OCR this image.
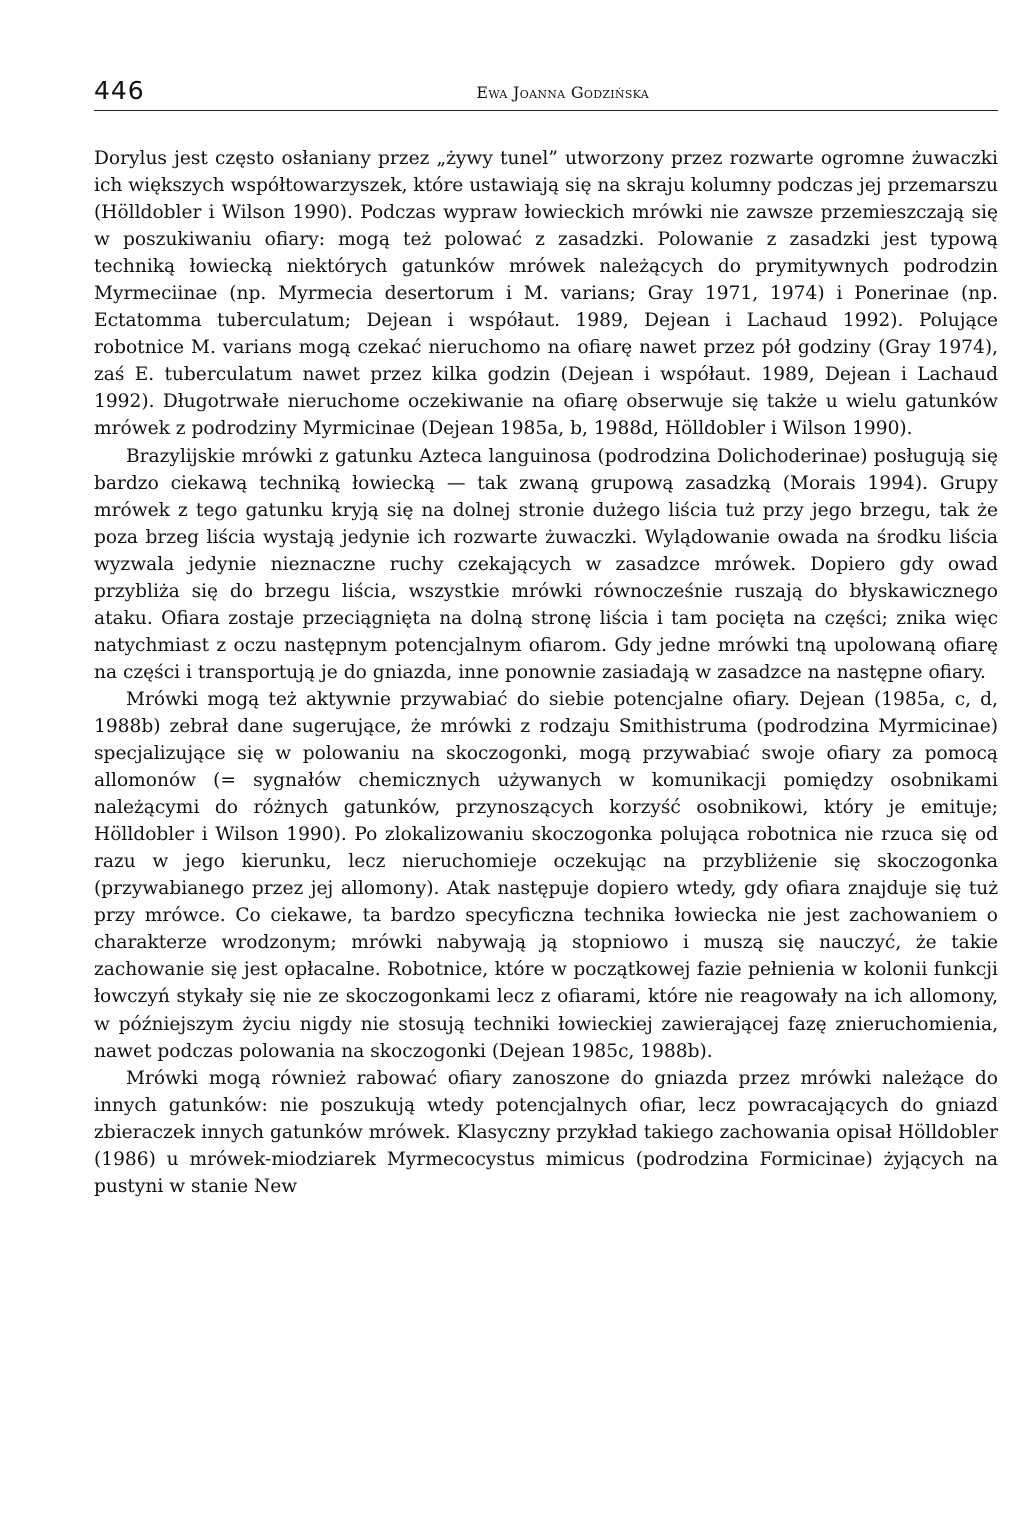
446	Ewa Joanna Godzińska

Dorylus jest często osłaniany przez „żywy tunel” utworzony przez rozwarte ogromne żuwaczki ich większych współtowarzyszek, które ustawiają się na skraju kolumny podczas jej przemarszu (Hölldobler i Wilson 1990). Podczas wypraw łowieckich mrówki nie zawsze przemieszczają się w poszukiwaniu ofiary: mogą też polować z zasadzki. Polowanie z zasadzki jest typową techniką łowiecką niektórych gatunków mrówek należących do prymitywnych podrodzin Myrmeciinae (np. Myrmecia desertorum i M. varians; Gray 1971, 1974) i Ponerinae (np. Ectatomma tuberculatum; Dejean i współaut. 1989, Dejean i Lachaud 1992). Polujące robotnice M. varians mogą czekać nieruchomo na ofiarę nawet przez pół godziny (Gray 1974), zaś E. tuberculatum nawet przez kilka godzin (Dejean i współaut. 1989, Dejean i Lachaud 1992). Długotrwałe nieruchome oczekiwanie na ofiarę obserwuje się także u wielu gatunków mrówek z podrodziny Myrmicinae (Dejean 1985a, b, 1988d, Hölldobler i Wilson 1990).

Brazylijskie mrówki z gatunku Azteca languinosa (podrodzina Dolichoderinae) posługują się bardzo ciekawą techniką łowiecką — tak zwaną grupową zasadzką (Morais 1994). Grupy mrówek z tego gatunku kryją się na dolnej stronie dużego liścia tuż przy jego brzegu, tak że poza brzeg liścia wystają jedynie ich rozwarte żuwaczki. Wylądowanie owada na środku liścia wyzwala jedynie nieznaczne ruchy czekających w zasadzce mrówek. Dopiero gdy owad przybliża się do brzegu liścia, wszystkie mrówki równocześnie ruszają do błyskawicznego ataku. Ofiara zostaje przeciągnięta na dolną stronę liścia i tam pocięta na części; znika więc natychmiast z oczu następnym potencjalnym ofiarom. Gdy jedne mrówki tną upolowaną ofiarę na części i transportują je do gniazda, inne ponownie zasiadają w zasadzce na następne ofiary.

Mrówki mogą też aktywnie przywabiać do siebie potencjalne ofiary. Dejean (1985a, c, d, 1988b) zebrał dane sugerujące, że mrówki z rodzaju Smithistruma (podrodzina Myrmicinae) specjalizujące się w polowaniu na skoczogonki, mogą przywabiać swoje ofiary za pomocą allomonów (= sygnałów chemicznych używanych w komunikacji pomiędzy osobnikami należącymi do różnych gatunków, przynoszących korzyść osobnikowi, który je emituje; Hölldobler i Wilson 1990). Po zlokalizowaniu skoczogonka polująca robotnica nie rzuca się od razu w jego kierunku, lecz nieruchomieje oczekując na przybliżenie się skoczogonka (przywabianego przez jej allomony). Atak następuje dopiero wtedy, gdy ofiara znajduje się tuż przy mrówce. Co ciekawe, ta bardzo specyficzna technika łowiecka nie jest zachowaniem o charakterze wrodzonym; mrówki nabywają ją stopniowo i muszą się nauczyć, że takie zachowanie się jest opłacalne. Robotnice, które w początkowej fazie pełnienia w kolonii funkcji łowczyń stykały się nie ze skoczogonkami lecz z ofiarami, które nie reagowały na ich allomony, w późniejszym życiu nigdy nie stosują techniki łowieckiej zawierającej fazę znieruchomienia, nawet podczas polowania na skoczogonki (Dejean 1985c, 1988b).

Mrówki mogą również rabować ofiary zanoszone do gniazda przez mrówki należące do innych gatunków: nie poszukują wtedy potencjalnych ofiar, lecz powracających do gniazd zbieraczek innych gatunków mrówek. Klasyczny przykład takiego zachowania opisał Hölldobler (1986) u mrówek-miodziarek Myrmecocystus mimicus (podrodzina Formicinae) żyjących na pustyni w stanie New
